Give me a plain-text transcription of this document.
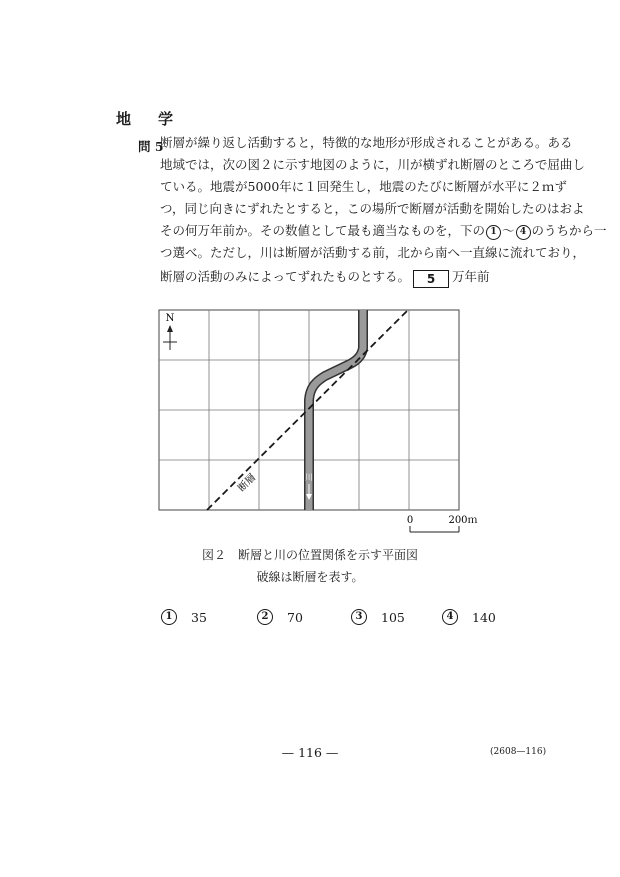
地　学
問 5
断層が繰り返し活動すると，特徴的な地形が形成されることがある。ある
地域では，次の図２に示す地図のように，川が横ずれ断層のところで屈曲し
ている。地震が5000年に１回発生し，地震のたびに断層が水平に２ｍず
つ，同じ向きにずれたとすると，この場所で断層が活動を開始したのはおよ
その何万年前か。その数値として最も適当なものを，下の 1 〜 4 のうちから一
つ選べ。ただし，川は断層が活動する前，北から南へ一直線に流れており，
断層の活動のみによってずれたものとする。 5 万年前
N
断層	川
0	200ｍ
図２　断層と川の位置関係を示す平面図
破線は断層を表す。
1	35	2	70	3	105	4	140
— 116 —	(2608—116)
